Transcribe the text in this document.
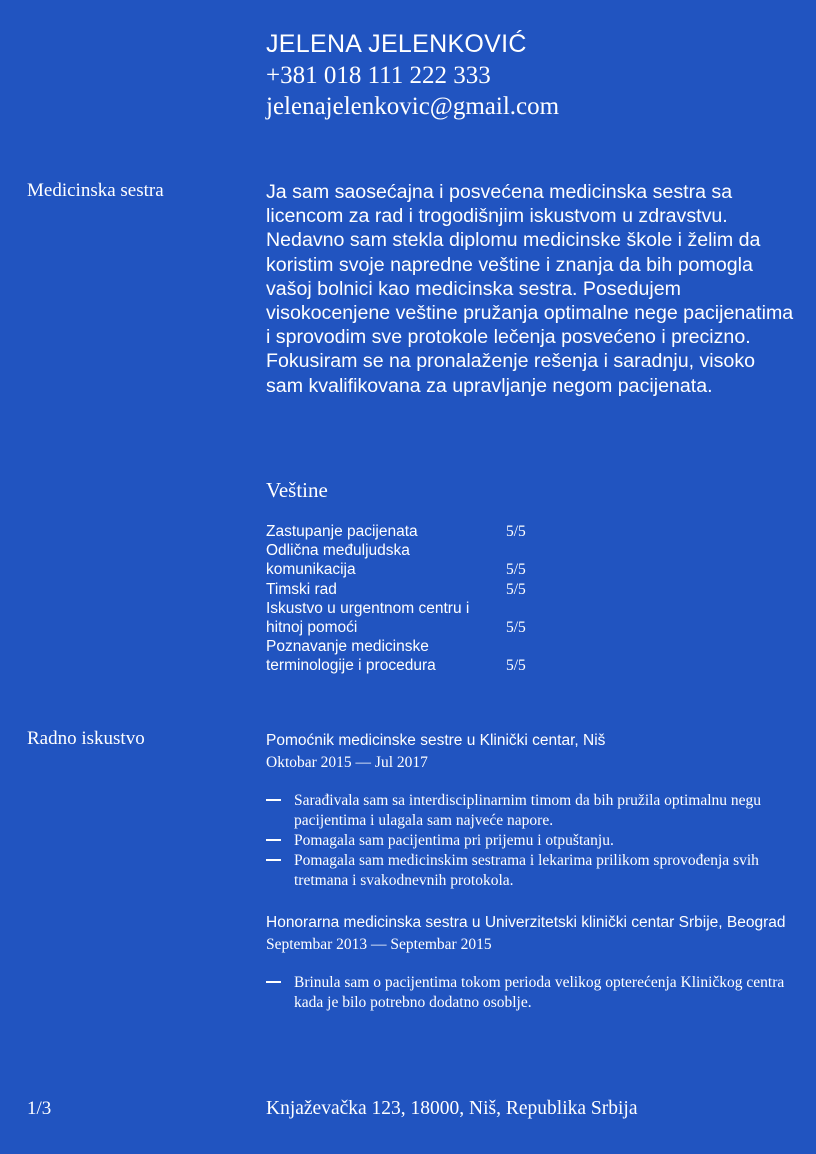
JELENA JELENKOVIĆ
+381 018 111 222 333
jelenajelenkovic@gmail.com
Medicinska sestra	Ja sam saosećajna i posvećena medicinska sestra sa licencom za rad i trogodišnjim iskustvom u zdravstvu. Nedavno sam stekla diplomu medicinske škole i želim da koristim svoje napredne veštine i znanja da bih pomogla vašoj bolnici kao medicinska sestra. Posedujem visokocenjene veštine pružanja optimalne nege pacijenatima i sprovodim sve protokole lečenja posvećeno i precizno. Fokusiram se na pronalaženje rešenja i saradnju, visoko sam kvalifikovana za upravljanje negom pacijenata.
Veštine
Zastupanje pacijenata	5/5
Odlična međuljudska komunikacija	5/5
Timski rad	5/5
Iskustvo u urgentnom centru i hitnoj pomoći	5/5
Poznavanje medicinske terminologije i procedura	5/5
Radno iskustvo	Pomoćnik medicinske sestre u Klinički centar, Niš
Oktobar 2015 — Jul 2017
Sarađivala sam sa interdisciplinarnim timom da bih pružila optimalnu negu pacijentima i ulagala sam najveće napore.
Pomagala sam pacijentima pri prijemu i otpuštanju.
Pomagala sam medicinskim sestrama i lekarima prilikom sprovođenja svih tretmana i svakodnevnih protokola.
Honorarna medicinska sestra u Univerzitetski klinički centar Srbije, Beograd
Septembar 2013 — Septembar 2015
Brinula sam o pacijentima tokom perioda velikog opterećenja Kliničkog centra kada je bilo potrebno dodatno osoblje.
1/3	Knjaževačka 123, 18000, Niš, Republika Srbija
